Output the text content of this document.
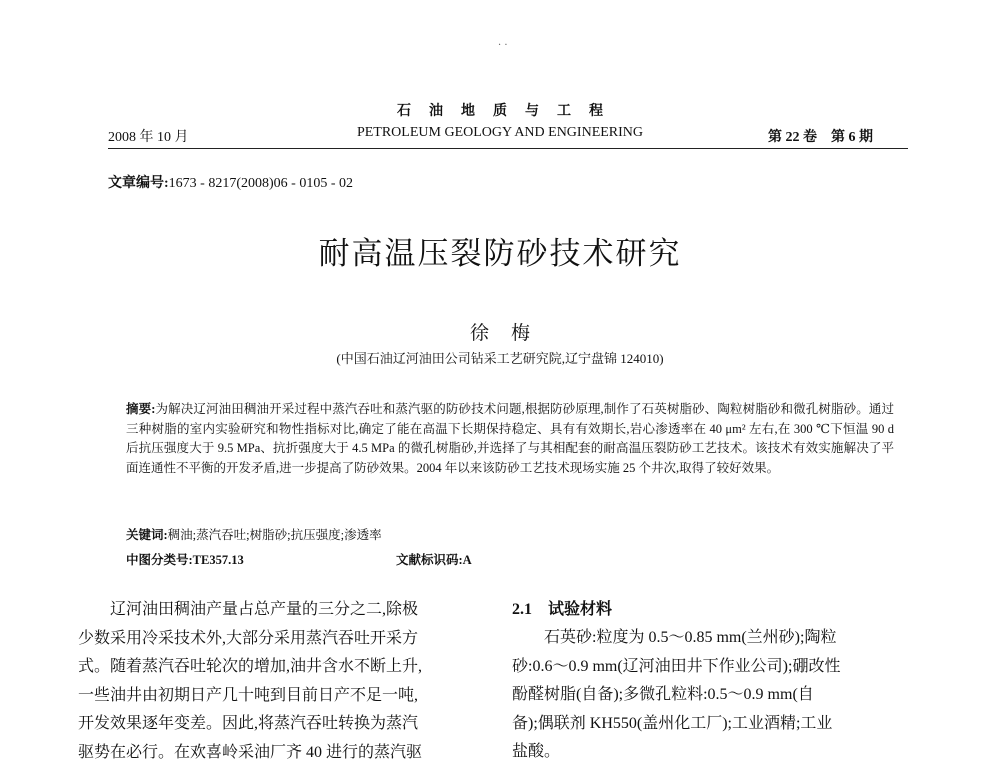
· ·
石油地质与工程
2008 年 10 月	PETROLEUM GEOLOGY AND ENGINEERING	第 22 卷　第 6 期
文章编号:1673 - 8217(2008)06 - 0105 - 02
耐高温压裂防砂技术研究
徐梅
(中国石油辽河油田公司钻采工艺研究院,辽宁盘锦 124010)
摘要:为解决辽河油田稠油开采过程中蒸汽吞吐和蒸汽驱的防砂技术问题,根据防砂原理,制作了石英树脂砂、陶粒树脂砂和微孔树脂砂。通过三种树脂的室内实验研究和物性指标对比,确定了能在高温下长期保持稳定、具有有效期长,岩心渗透率在 40 μm² 左右,在 300 ℃下恒温 90 d 后抗压强度大于 9.5 MPa、抗折强度大于 4.5 MPa 的微孔树脂砂,并选择了与其相配套的耐高温压裂防砂工艺技术。该技术有效实施解决了平面连通性不平衡的开发矛盾,进一步提高了防砂效果。2004 年以来该防砂工艺技术现场实施 25 个井次,取得了较好效果。
关键词:稠油;蒸汽吞吐;树脂砂;抗压强度;渗透率
中图分类号:TE357.13	文献标识码:A
　　辽河油田稠油产量占总产量的三分之二,除极
少数采用冷采技术外,大部分采用蒸汽吞吐开采方
式。随着蒸汽吞吐轮次的增加,油井含水不断上升,
一些油井由初期日产几十吨到目前日产不足一吨,
开发效果逐年变差。因此,将蒸汽吞吐转换为蒸汽
驱势在必行。在欢喜岭采油厂齐 40 进行的蒸汽驱
2.1　试验材料
　　石英砂:粒度为 0.5～0.85 mm(兰州砂);陶粒
砂:0.6～0.9 mm(辽河油田井下作业公司);硼改性
酚醛树脂(自备);多微孔粒料:0.5～0.9 mm(自
备);偶联剂 KH550(盖州化工厂);工业酒精;工业
盐酸。
